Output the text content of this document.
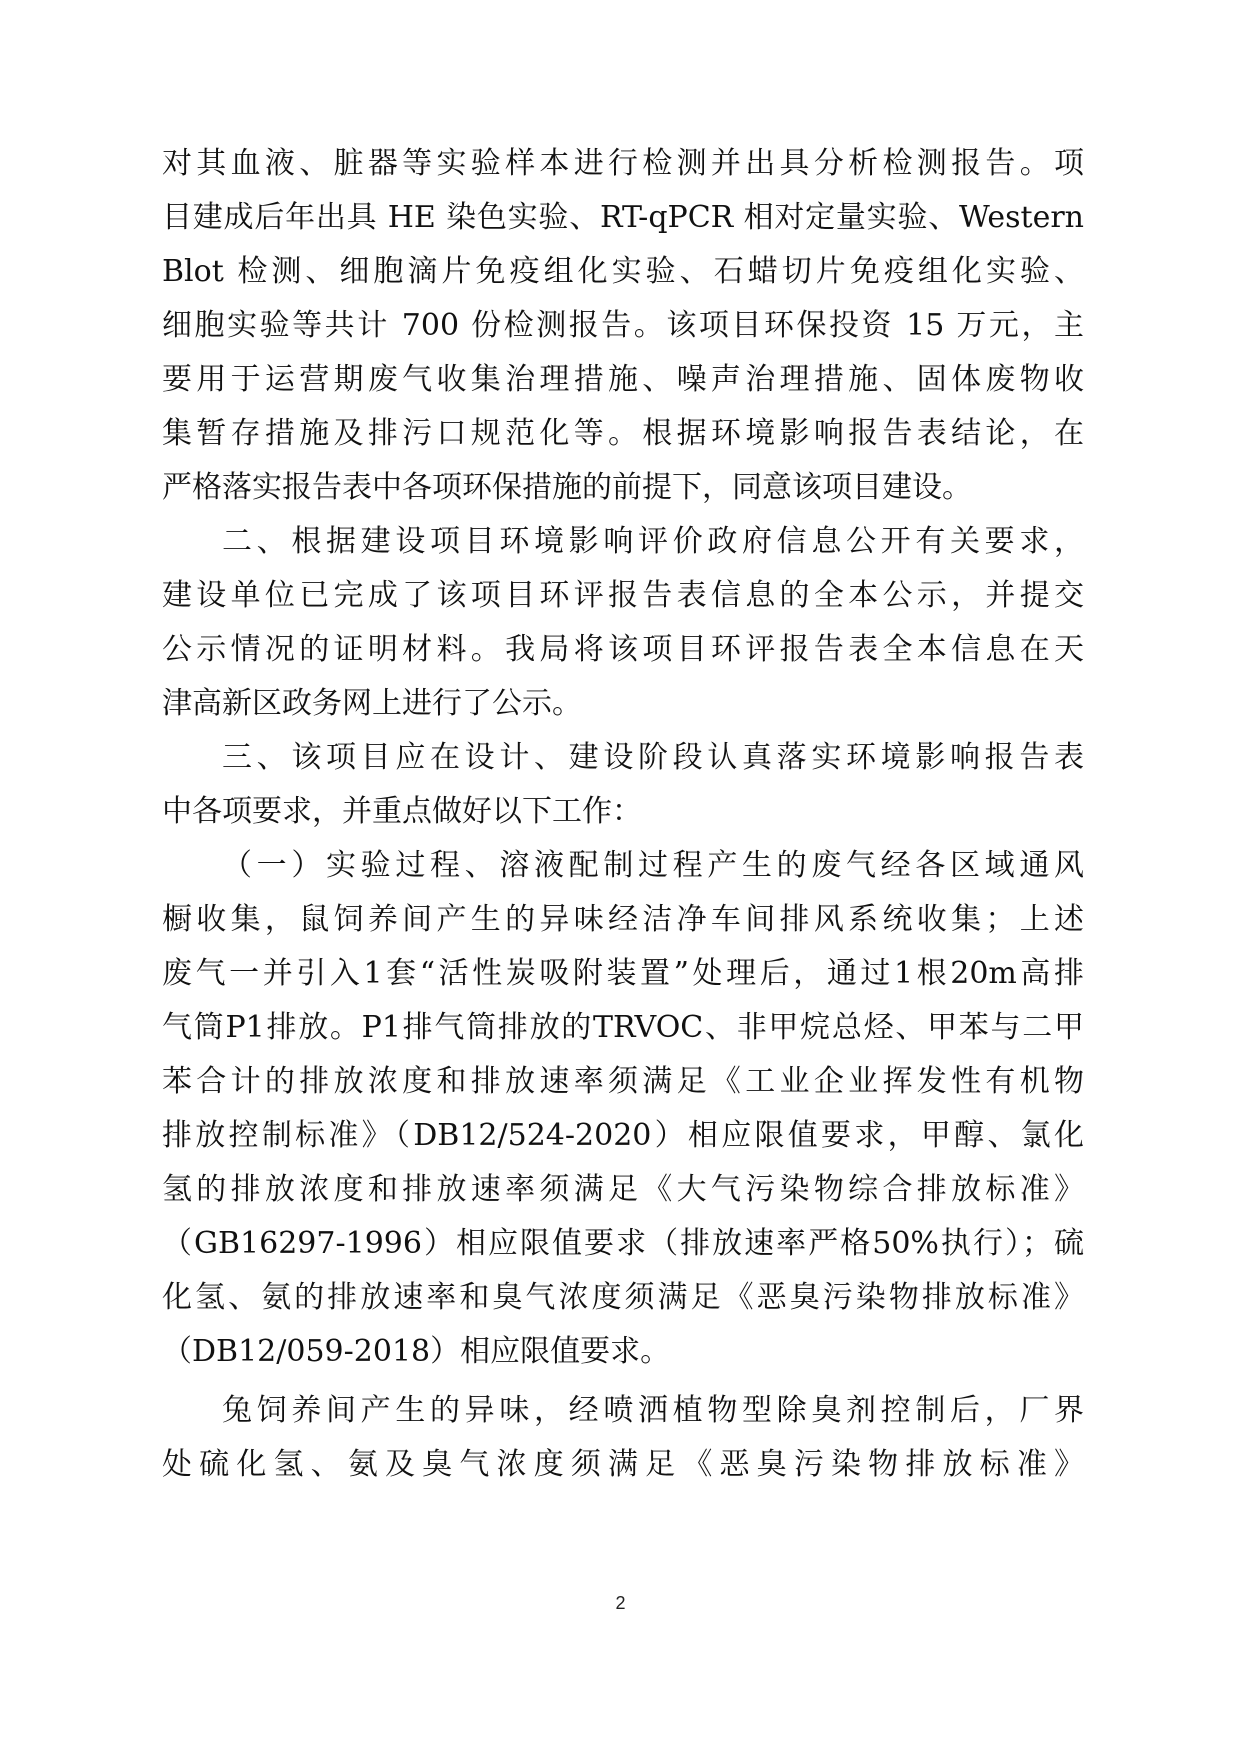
对其血液、脏器等实验样本进行检测并出具分析检测报告。项
目建成后年出具 HE 染色实验、RT-qPCR 相对定量实验、Western
Blot 检测、细胞滴片免疫组化实验、石蜡切片免疫组化实验、
细胞实验等共计 700 份检测报告。该项目环保投资 15 万元，主
要用于运营期废气收集治理措施、噪声治理措施、固体废物收
集暂存措施及排污口规范化等。根据环境影响报告表结论，在
严格落实报告表中各项环保措施的前提下，同意该项目建设。
二、根据建设项目环境影响评价政府信息公开有关要求，
建设单位已完成了该项目环评报告表信息的全本公示，并提交
公示情况的证明材料。我局将该项目环评报告表全本信息在天
津高新区政务网上进行了公示。
三、该项目应在设计、建设阶段认真落实环境影响报告表
中各项要求，并重点做好以下工作：
（一）实验过程、溶液配制过程产生的废气经各区域通风
橱收集，鼠饲养间产生的异味经洁净车间排风系统收集；上述
废气一并引入1套“活性炭吸附装置”处理后，通过1根20m高排
气筒P1排放。P1排气筒排放的TRVOC、非甲烷总烃、甲苯与二甲
苯合计的排放浓度和排放速率须满足《工业企业挥发性有机物
排放控制标准》（DB12/524-2020）相应限值要求，甲醇、氯化
氢的排放浓度和排放速率须满足《大气污染物综合排放标准》
（GB16297-1996）相应限值要求（排放速率严格50%执行）；硫
化氢、氨的排放速率和臭气浓度须满足《恶臭污染物排放标准》
（DB12/059-2018）相应限值要求。
兔饲养间产生的异味，经喷洒植物型除臭剂控制后，厂界
处硫化氢、氨及臭气浓度须满足《恶臭污染物排放标准》
2
